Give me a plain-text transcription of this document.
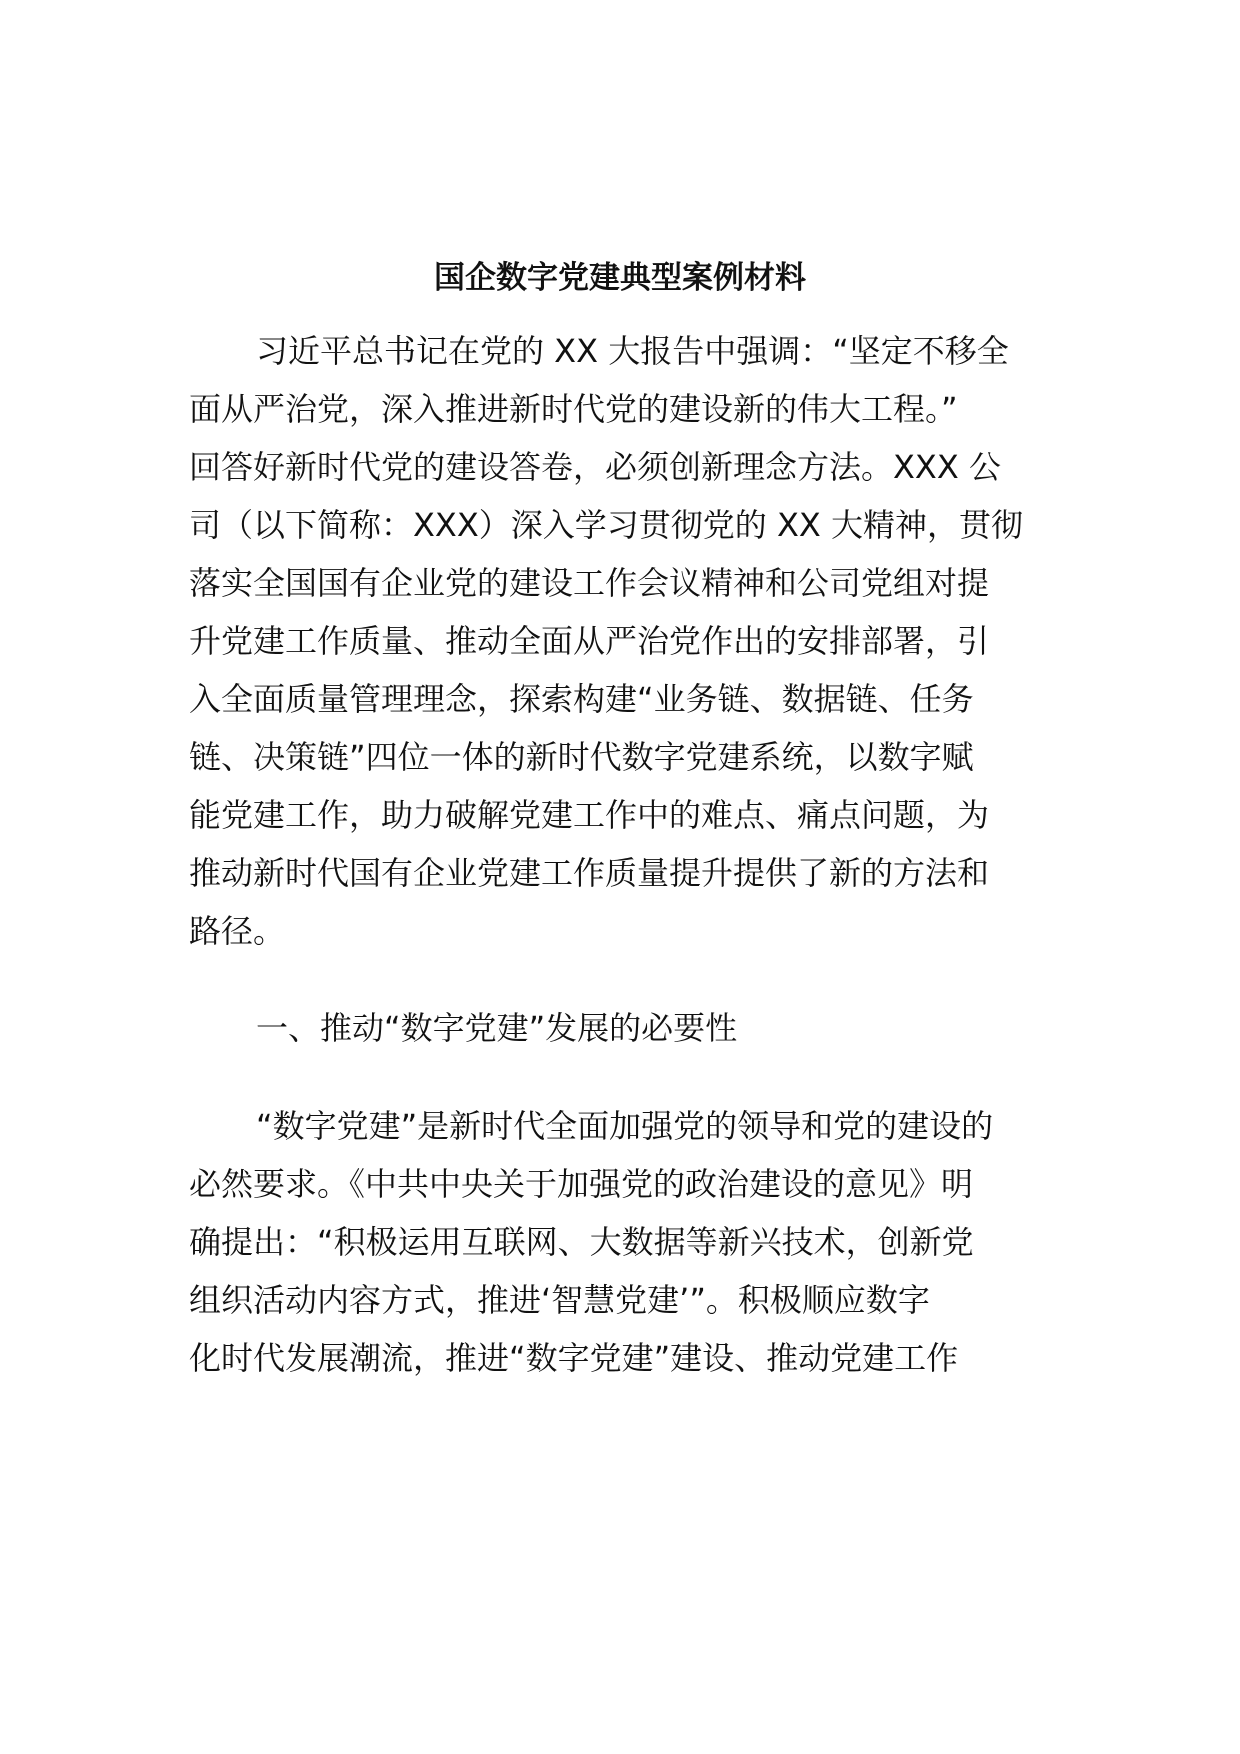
国企数字党建典型案例材料
习近平总书记在党的 XX 大报告中强调：“坚定不移全
面从严治党，深入推进新时代党的建设新的伟大工程。”
回答好新时代党的建设答卷，必须创新理念方法。XXX 公
司（以下简称：XXX）深入学习贯彻党的 XX 大精神，贯彻
落实全国国有企业党的建设工作会议精神和公司党组对提
升党建工作质量、推动全面从严治党作出的安排部署，引
入全面质量管理理念，探索构建“业务链、数据链、任务
链、决策链”四位一体的新时代数字党建系统，以数字赋
能党建工作，助力破解党建工作中的难点、痛点问题，为
推动新时代国有企业党建工作质量提升提供了新的方法和
路径。
一、推动“数字党建”发展的必要性
“数字党建”是新时代全面加强党的领导和党的建设的
必然要求。《中共中央关于加强党的政治建设的意见》明
确提出：“积极运用互联网、大数据等新兴技术，创新党
组织活动内容方式，推进‘智慧党建’”。积极顺应数字
化时代发展潮流，推进“数字党建”建设、推动党建工作
